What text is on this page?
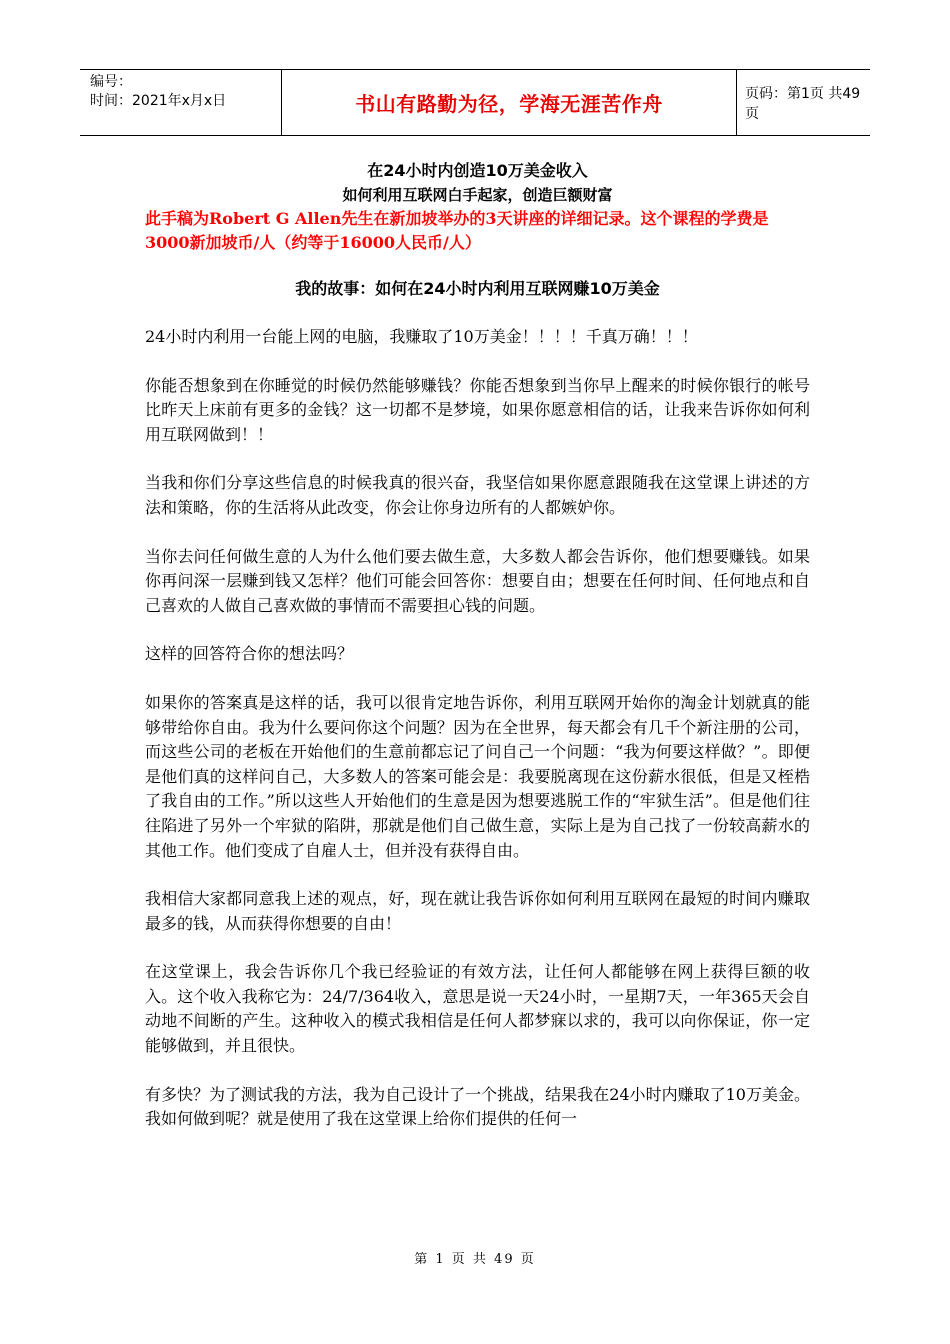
编号：
时间：2021年x月x日	书山有路勤为径，学海无涯苦作舟	页码：第1页 共49页
在24小时内创造10万美金收入
如何利用互联网白手起家，创造巨额财富
此手稿为Robert G Allen先生在新加坡举办的3天讲座的详细记录。这个课程的学费是3000新加坡币/人（约等于16000人民币/人）
我的故事：如何在24小时内利用互联网赚10万美金

24小时内利用一台能上网的电脑，我赚取了10万美金！！！！千真万确！！！

你能否想象到在你睡觉的时候仍然能够赚钱？你能否想象到当你早上醒来的时候你银行的帐号比昨天上床前有更多的金钱？这一切都不是梦境，如果你愿意相信的话，让我来告诉你如何利用互联网做到！！

当我和你们分享这些信息的时候我真的很兴奋，我坚信如果你愿意跟随我在这堂课上讲述的方法和策略，你的生活将从此改变，你会让你身边所有的人都嫉妒你。

当你去问任何做生意的人为什么他们要去做生意，大多数人都会告诉你，他们想要赚钱。如果你再问深一层赚到钱又怎样？他们可能会回答你：想要自由；想要在任何时间、任何地点和自己喜欢的人做自己喜欢做的事情而不需要担心钱的问题。

这样的回答符合你的想法吗？

如果你的答案真是这样的话，我可以很肯定地告诉你，利用互联网开始你的淘金计划就真的能够带给你自由。我为什么要问你这个问题？因为在全世界，每天都会有几千个新注册的公司，而这些公司的老板在开始他们的生意前都忘记了问自己一个问题：“我为何要这样做？”。即便是他们真的这样问自己，大多数人的答案可能会是：我要脱离现在这份薪水很低，但是又桎梏了我自由的工作。”所以这些人开始他们的生意是因为想要逃脱工作的“牢狱生活”。但是他们往往陷进了另外一个牢狱的陷阱，那就是他们自己做生意，实际上是为自己找了一份较高薪水的其他工作。他们变成了自雇人士，但并没有获得自由。

我相信大家都同意我上述的观点，好，现在就让我告诉你如何利用互联网在最短的时间内赚取最多的钱，从而获得你想要的自由！

在这堂课上，我会告诉你几个我已经验证的有效方法，让任何人都能够在网上获得巨额的收入。这个收入我称它为：24/7/364收入，意思是说一天24小时，一星期7天，一年365天会自动地不间断的产生。这种收入的模式我相信是任何人都梦寐以求的，我可以向你保证，你一定能够做到，并且很快。

有多快？为了测试我的方法，我为自己设计了一个挑战，结果我在24小时内赚取了10万美金。我如何做到呢？就是使用了我在这堂课上给你们提供的任何一

第 1 页 共 49 页
